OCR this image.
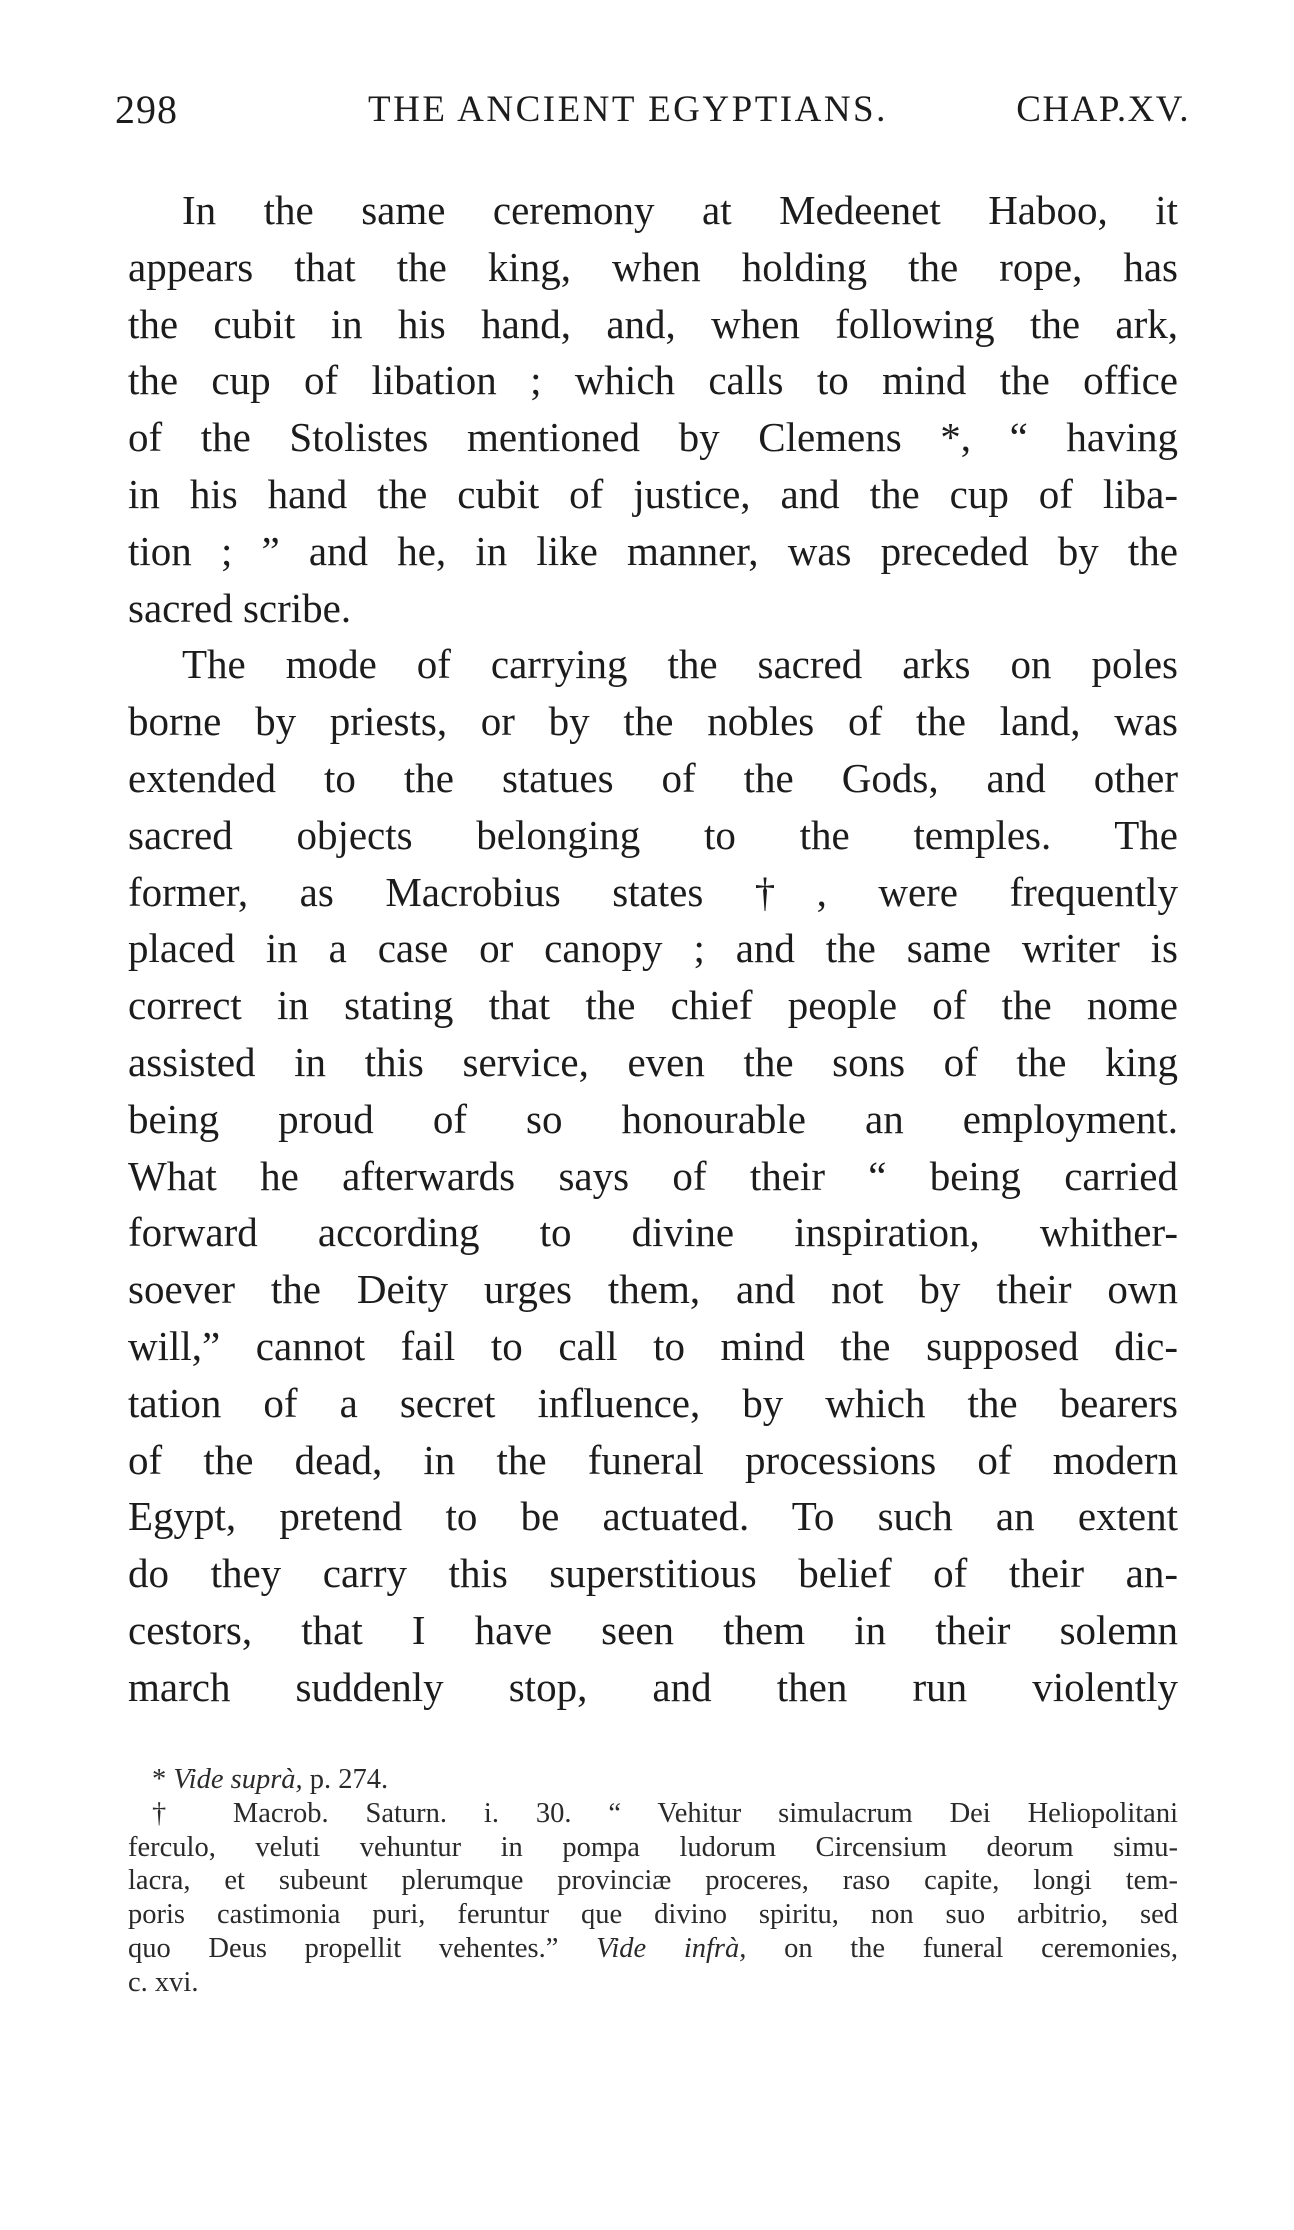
298	THE ANCIENT EGYPTIANS.	CHAP.XV.
In the same ceremony at Medeenet Haboo, it
appears that the king, when holding the rope, has
the cubit in his hand, and, when following the ark,
the cup of libation ; which calls to mind the office
of the Stolistes mentioned by Clemens *, “ having
in his hand the cubit of justice, and the cup of liba-
tion ; ” and he, in like manner, was preceded by the
sacred scribe.
The mode of carrying the sacred arks on poles
borne by priests, or by the nobles of the land, was
extended to the statues of the Gods, and other
sacred objects belonging to the temples. The
former, as Macrobius states †, were frequently
placed in a case or canopy ; and the same writer is
correct in stating that the chief people of the nome
assisted in this service, even the sons of the king
being proud of so honourable an employment.
What he afterwards says of their “ being carried
forward according to divine inspiration, whither-
soever the Deity urges them, and not by their own
will,” cannot fail to call to mind the supposed dic-
tation of a secret influence, by which the bearers
of the dead, in the funeral processions of modern
Egypt, pretend to be actuated. To such an extent
do they carry this superstitious belief of their an-
cestors, that I have seen them in their solemn
march suddenly stop, and then run violently
* Vide suprà, p. 274.
† Macrob. Saturn. i. 30. “ Vehitur simulacrum Dei Heliopolitani
ferculo, veluti vehuntur in pompa ludorum Circensium deorum simu-
lacra, et subeunt plerumque provinciæ proceres, raso capite, longi tem-
poris castimonia puri, feruntur que divino spiritu, non suo arbitrio, sed
quo Deus propellit vehentes.” Vide infrà, on the funeral ceremonies,
c. xvi.
